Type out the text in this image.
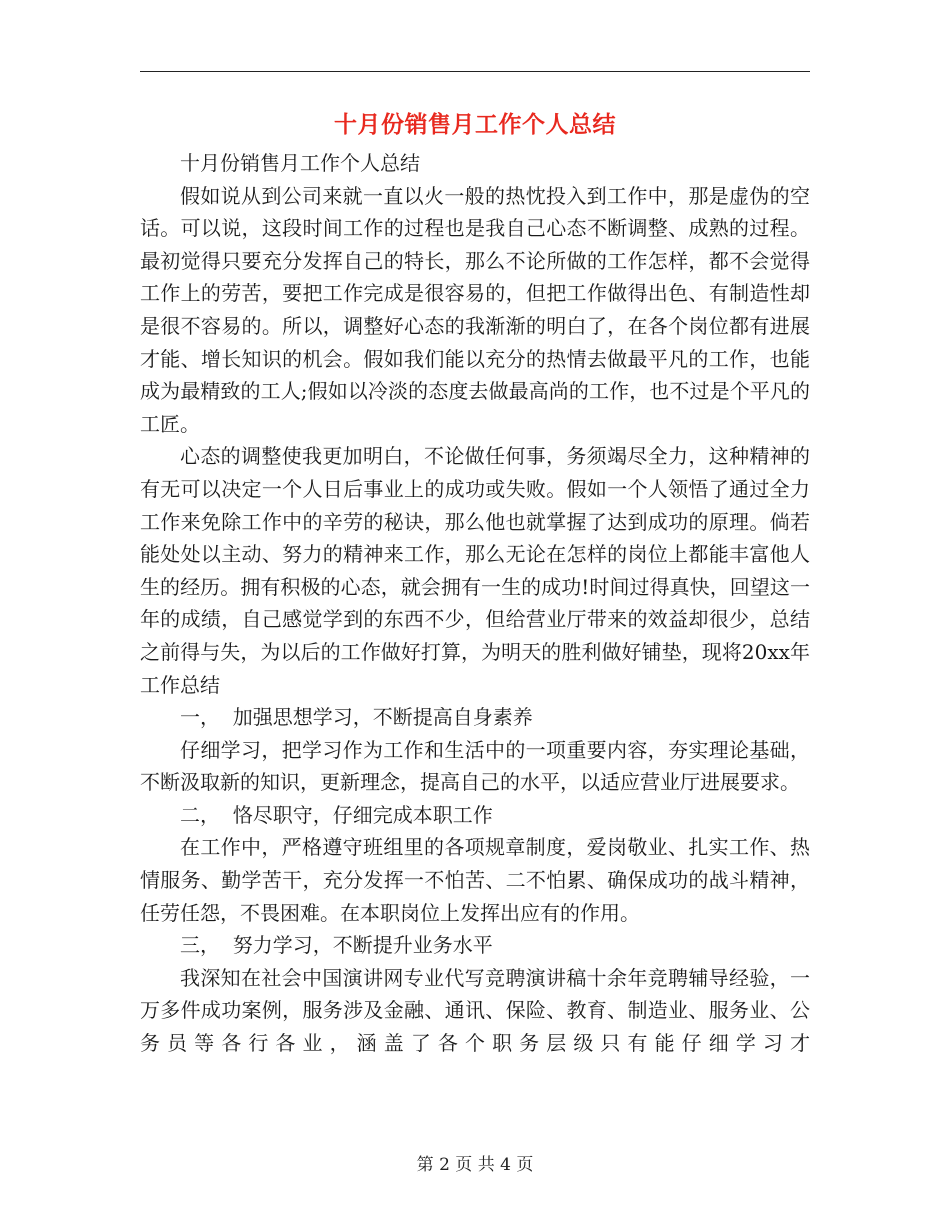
十月份销售月工作个人总结

十月份销售月工作个人总结

假如说从到公司来就一直以火一般的热忱投入到工作中，那是虚伪的空话。可以说，这段时间工作的过程也是我自己心态不断调整、成熟的过程。最初觉得只要充分发挥自己的特长，那么不论所做的工作怎样，都不会觉得工作上的劳苦，要把工作完成是很容易的，但把工作做得出色、有制造性却是很不容易的。所以，调整好心态的我渐渐的明白了，在各个岗位都有进展才能、增长知识的机会。假如我们能以充分的热情去做最平凡的工作，也能成为最精致的工人;假如以冷淡的态度去做最高尚的工作，也不过是个平凡的工匠。

心态的调整使我更加明白，不论做任何事，务须竭尽全力，这种精神的有无可以决定一个人日后事业上的成功或失败。假如一个人领悟了通过全力工作来免除工作中的辛劳的秘诀，那么他也就掌握了达到成功的原理。倘若能处处以主动、努力的精神来工作，那么无论在怎样的岗位上都能丰富他人生的经历。拥有积极的心态，就会拥有一生的成功!时间过得真快，回望这一年的成绩，自己感觉学到的东西不少，但给营业厅带来的效益却很少，总结之前得与失，为以后的工作做好打算，为明天的胜利做好铺垫，现将20xx年工作总结

一，  加强思想学习，不断提高自身素养

仔细学习，把学习作为工作和生活中的一项重要内容，夯实理论基础，不断汲取新的知识，更新理念，提高自己的水平，以适应营业厅进展要求。

二，  恪尽职守，仔细完成本职工作

在工作中，严格遵守班组里的各项规章制度，爱岗敬业、扎实工作、热情服务、勤学苦干，充分发挥一不怕苦、二不怕累、确保成功的战斗精神，任劳任怨，不畏困难。在本职岗位上发挥出应有的作用。

三，  努力学习，不断提升业务水平

我深知在社会中国演讲网专业代写竞聘演讲稿十余年竞聘辅导经验，一万多件成功案例，服务涉及金融、通讯、保险、教育、制造业、服务业、公务员等各行各业，涵盖了各个职务层级只有能仔细学习才

第 2 页 共 4 页
